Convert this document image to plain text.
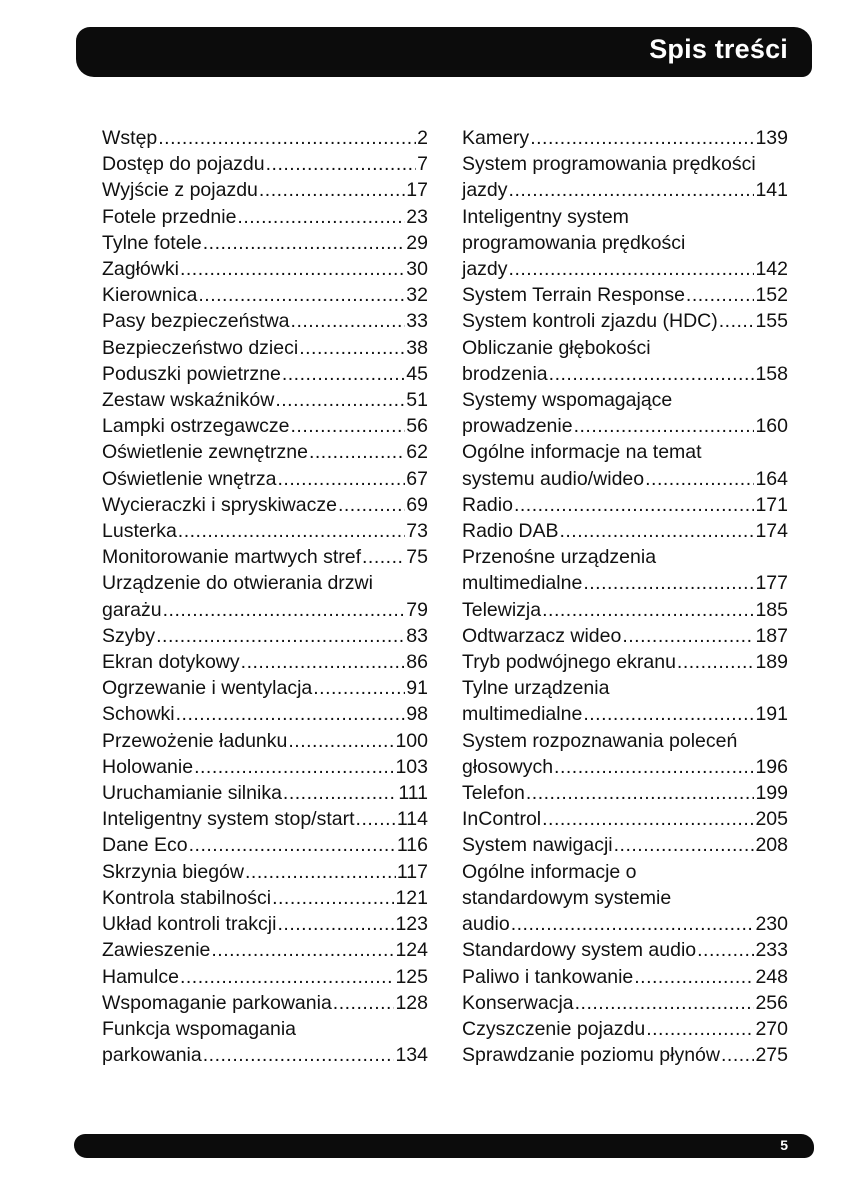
Spis treści
Wstęp .....	2
Dostęp do pojazdu .....	7
Wyjście z pojazdu .....	17
Fotele przednie .....	23
Tylne fotele .....	29
Zagłówki .....	30
Kierownica .....	32
Pasy bezpieczeństwa .....	33
Bezpieczeństwo dzieci .....	38
Poduszki powietrzne .....	45
Zestaw wskaźników .....	51
Lampki ostrzegawcze .....	56
Oświetlenie zewnętrzne .....	62
Oświetlenie wnętrza .....	67
Wycieraczki i spryskiwacze .....	69
Lusterka .....	73
Monitorowanie martwych stref ..... 75
Urządzenie do otwierania drzwi
garażu .....	79
Szyby .....	83
Ekran dotykowy .....	86
Ogrzewanie i wentylacja .....	91
Schowki .....	98
Przewożenie ładunku .....	100
Holowanie .....	103
Uruchamianie silnika .....	111
Inteligentny system stop/start ..... 114
Dane Eco .....	116
Skrzynia biegów .....	117
Kontrola stabilności .....	121
Układ kontroli trakcji .....	123
Zawieszenie .....	124
Hamulce .....	125
Wspomaganie parkowania .....	128
Funkcja wspomagania
parkowania .....	134
Kamery .....	139
System programowania prędkości
jazdy .....	141
Inteligentny system
programowania prędkości
jazdy .....	142
System Terrain Response .....	152
System kontroli zjazdu (HDC) ..... 155
Obliczanie głębokości
brodzenia .....	158
Systemy wspomagające
prowadzenie .....	160
Ogólne informacje na temat
systemu audio/wideo .....	164
Radio .....	171
Radio DAB .....	174
Przenośne urządzenia
multimedialne .....	177
Telewizja .....	185
Odtwarzacz wideo .....	187
Tryb podwójnego ekranu .....	189
Tylne urządzenia
multimedialne .....	191
System rozpoznawania poleceń
głosowych .....	196
Telefon .....	199
InControl .....	205
System nawigacji .....	208
Ogólne informacje o
standardowym systemie
audio .....	230
Standardowy system audio .....	233
Paliwo i tankowanie .....	248
Konserwacja .....	256
Czyszczenie pojazdu .....	270
Sprawdzanie poziomu płynów ..... 275
5
